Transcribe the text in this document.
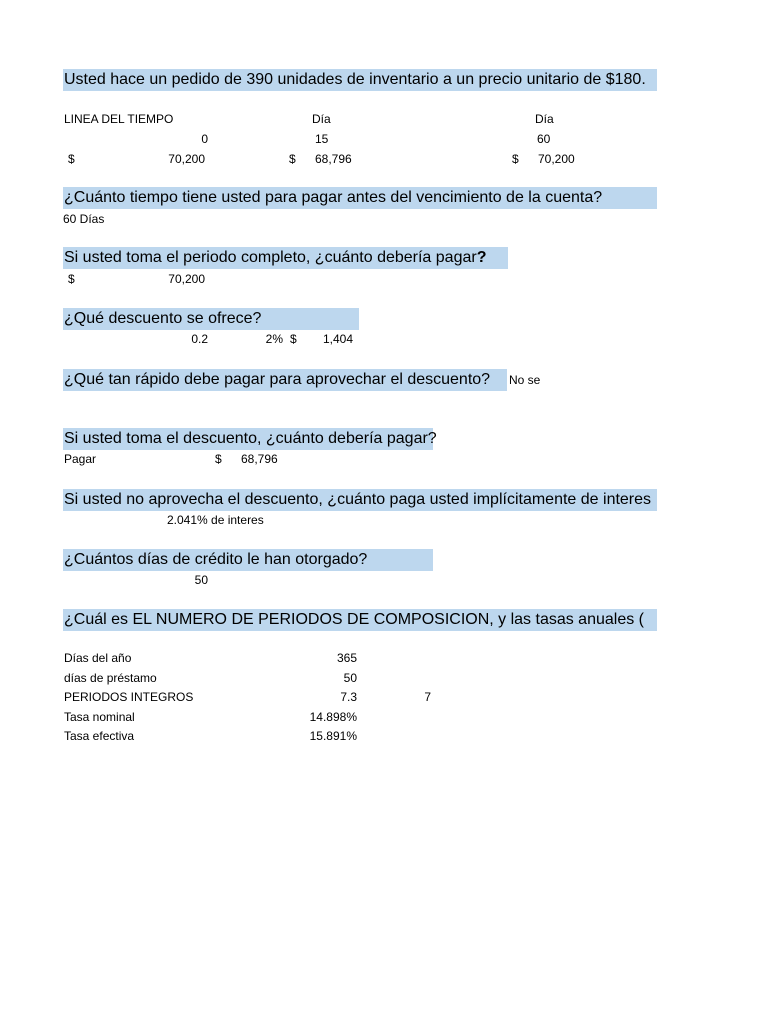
Usted hace un pedido de 390 unidades de inventario a un precio unitario de $180.
LINEA DEL TIEMPO	Día	Día
0	15	60
$	70,200	$ 68,796	$ 70,200
¿Cuánto tiempo tiene usted para pagar antes del vencimiento de la cuenta?
60 Días
Si usted toma el periodo completo, ¿cuánto debería pagar?
$	70,200
¿Qué descuento se ofrece?
0.2	2% $	1,404
¿Qué tan rápido debe pagar para aprovechar el descuento?	No se
Si usted toma el descuento, ¿cuánto debería pagar?
Pagar	$ 68,796
Si usted no aprovecha el descuento, ¿cuánto paga usted implícitamente de interes
2.041% de interes
¿Cuántos días de crédito le han otorgado?
50
¿Cuál es EL NUMERO DE PERIODOS DE COMPOSICION, y las tasas anuales (
Días del año	365
días de préstamo	50
PERIODOS INTEGROS	7.3	7
Tasa nominal	14.898%
Tasa efectiva	15.891%
